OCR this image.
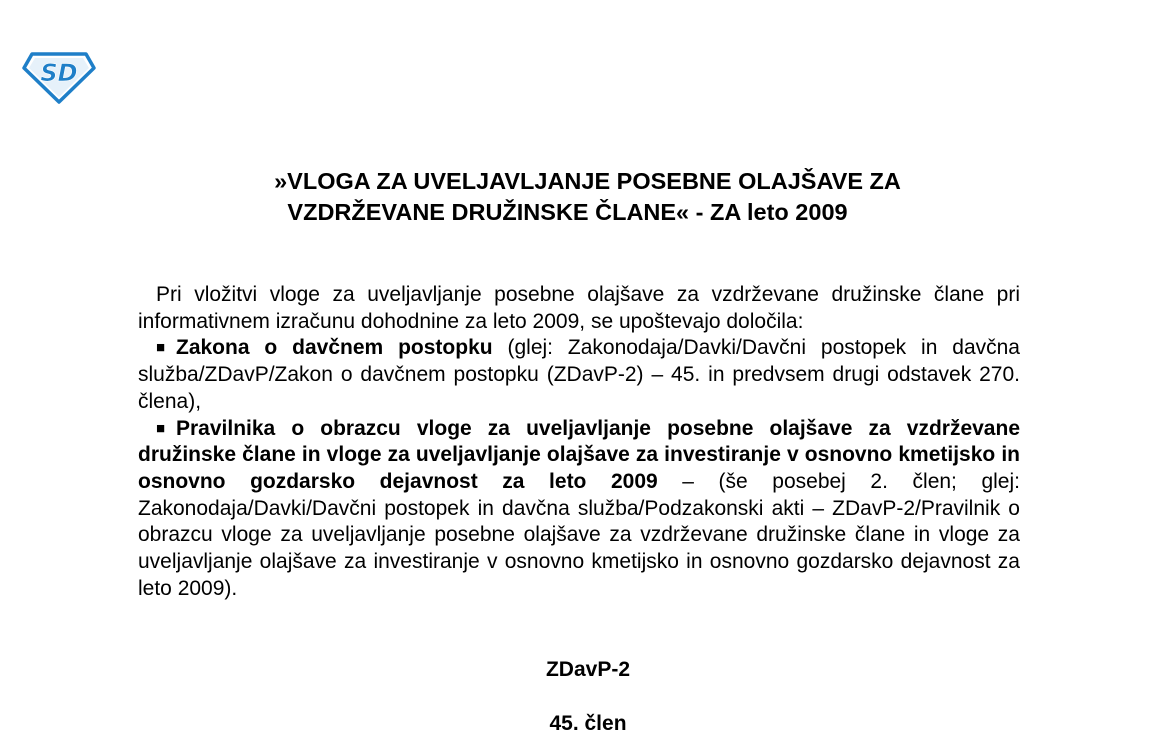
SD
»VLOGA ZA UVELJAVLJANJE POSEBNE OLAJŠAVE ZA
VZDRŽEVANE DRUŽINSKE ČLANE« - ZA leto 2009

Pri vložitvi vloge za uveljavljanje posebne olajšave za vzdrževane družinske člane pri informativnem izračunu dohodnine za leto 2009, se upoštevajo določila:

■ Zakona o davčnem postopku (glej: Zakonodaja/Davki/Davčni postopek in davčna služba/ZDavP/Zakon o davčnem postopku (ZDavP-2) – 45. in predvsem drugi odstavek 270. člena),

■ Pravilnika o obrazcu vloge za uveljavljanje posebne olajšave za vzdrževane družinske člane in vloge za uveljavljanje olajšave za investiranje v osnovno kmetijsko in osnovno gozdarsko dejavnost za leto 2009 – (še posebej 2. člen; glej: Zakonodaja/Davki/Davčni postopek in davčna služba/Podzakonski akti – ZDavP-2/Pravilnik o obrazcu vloge za uveljavljanje posebne olajšave za vzdrževane družinske člane in vloge za uveljavljanje olajšave za investiranje v osnovno kmetijsko in osnovno gozdarsko dejavnost za leto 2009).

ZDavP-2
45. člen
